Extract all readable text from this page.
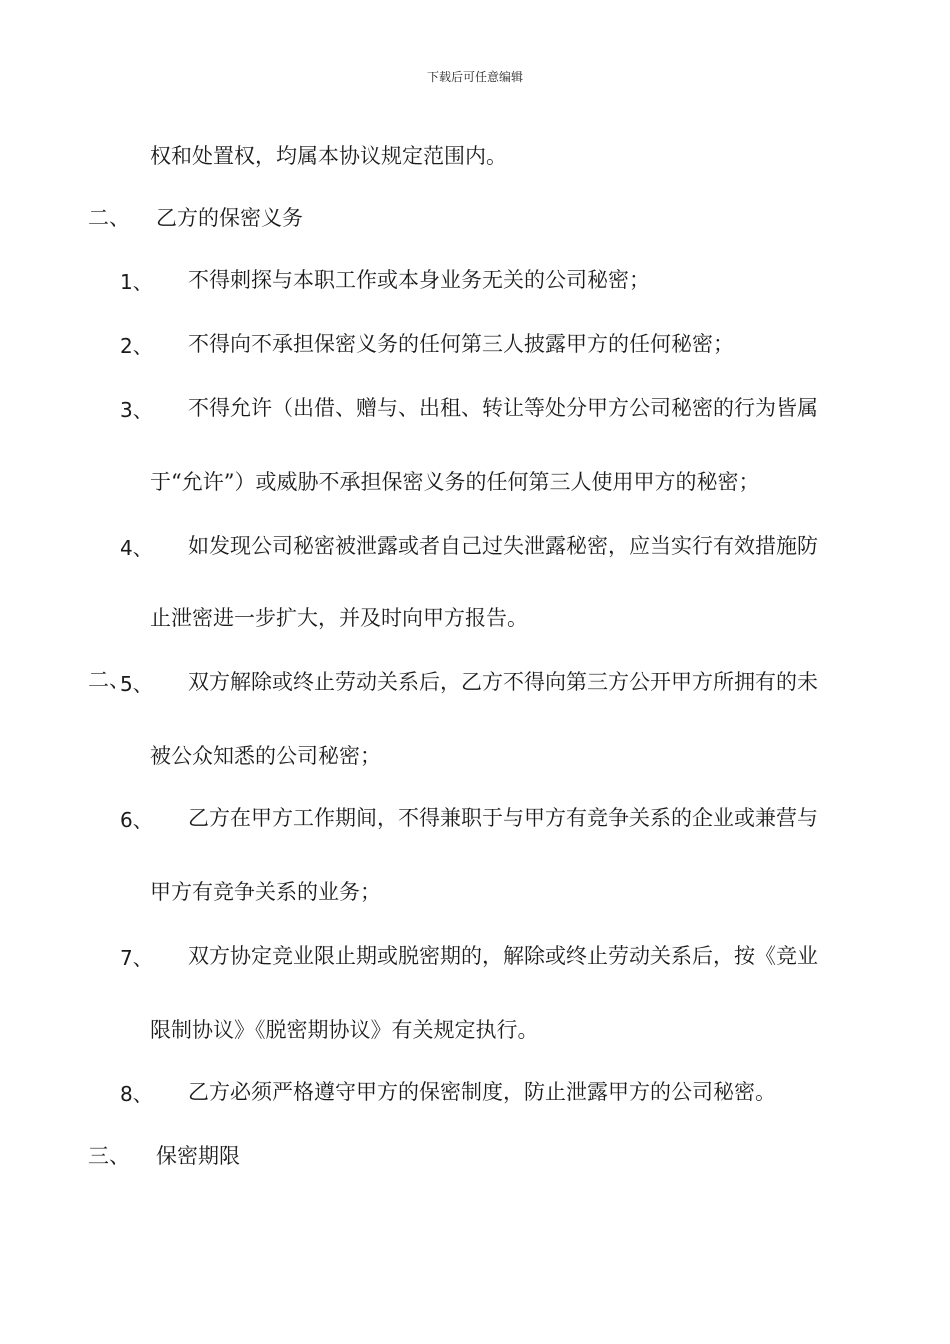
下载后可任意编辑
权和处置权，均属本协议规定范围内。
二、 乙方的保密义务
1、 不得刺探与本职工作或本身业务无关的公司秘密；
2、 不得向不承担保密义务的任何第三人披露甲方的任何秘密；
3、 不得允许（出借、赠与、出租、转让等处分甲方公司秘密的行为皆属
于“允许”）或威胁不承担保密义务的任何第三人使用甲方的秘密；
4、 如发现公司秘密被泄露或者自己过失泄露秘密，应当实行有效措施防
止泄密进一步扩大，并及时向甲方报告。
二、
5、 双方解除或终止劳动关系后，乙方不得向第三方公开甲方所拥有的未
被公众知悉的公司秘密；
6、 乙方在甲方工作期间，不得兼职于与甲方有竞争关系的企业或兼营与
甲方有竞争关系的业务；
7、 双方协定竞业限止期或脱密期的，解除或终止劳动关系后，按《竞业
限制协议》《脱密期协议》有关规定执行。
8、 乙方必须严格遵守甲方的保密制度，防止泄露甲方的公司秘密。
三、 保密期限
